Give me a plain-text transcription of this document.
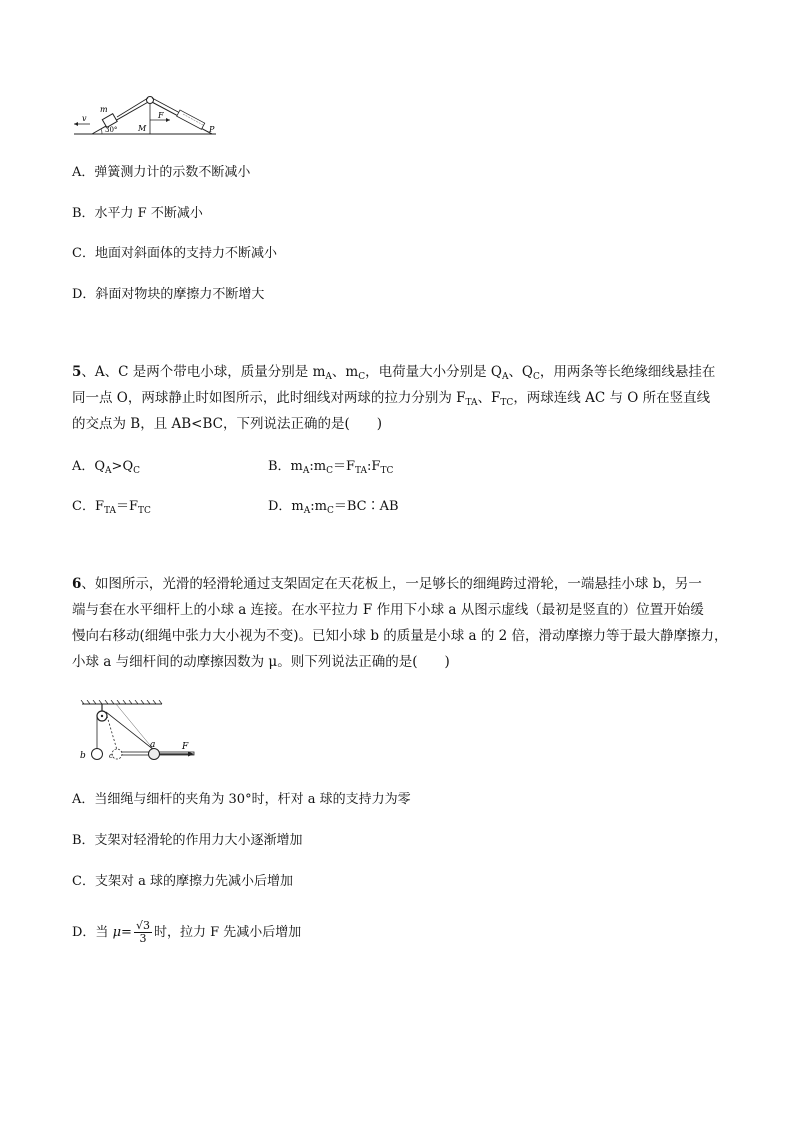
v
m
30°	M
F
P
A．弹簧测力计的示数不断减小
B．水平力 F 不断减小
C．地面对斜面体的支持力不断减小
D．斜面对物块的摩擦力不断增大
5、A、C 是两个带电小球，质量分别是 $m_A$、$m_C$，电荷量大小分别是 $Q_A$、$Q_C$，用两条等长绝缘细线悬挂在
同一点 O，两球静止时如图所示，此时细线对两球的拉力分别为 $F_{TA}$、$F_{TC}$，两球连线 AC 与 O 所在竖直线
的交点为 B，且 AB<BC，下列说法正确的是(　　)
A．$Q_A>Q_C$	B．$m_A:m_C=F_{TA}:F_{TC}$
C．$F_{TA}=F_{TC}$	D．$m_A:m_C=BC∶AB$
6、如图所示，光滑的轻滑轮通过支架固定在天花板上，一足够长的细绳跨过滑轮，一端悬挂小球 b，另一
端与套在水平细杆上的小球 a 连接。在水平拉力 F 作用下小球 a 从图示虚线（最初是竖直的）位置开始缓
慢向右移动(细绳中张力大小视为不变)。已知小球 b 的质量是小球 a 的 2 倍，滑动摩擦力等于最大静摩擦力，
小球 a 与细杆间的动摩擦因数为 μ。则下列说法正确的是(　　)
b	c
a	F
A．当细绳与细杆的夹角为 30°时，杆对 a 球的支持力为零
B．支架对轻滑轮的作用力大小逐渐增加
C．支架对 a 球的摩擦力先减小后增加
D．当 $\mu= \frac{√3}{3}$ 时，拉力 F 先减小后增加
